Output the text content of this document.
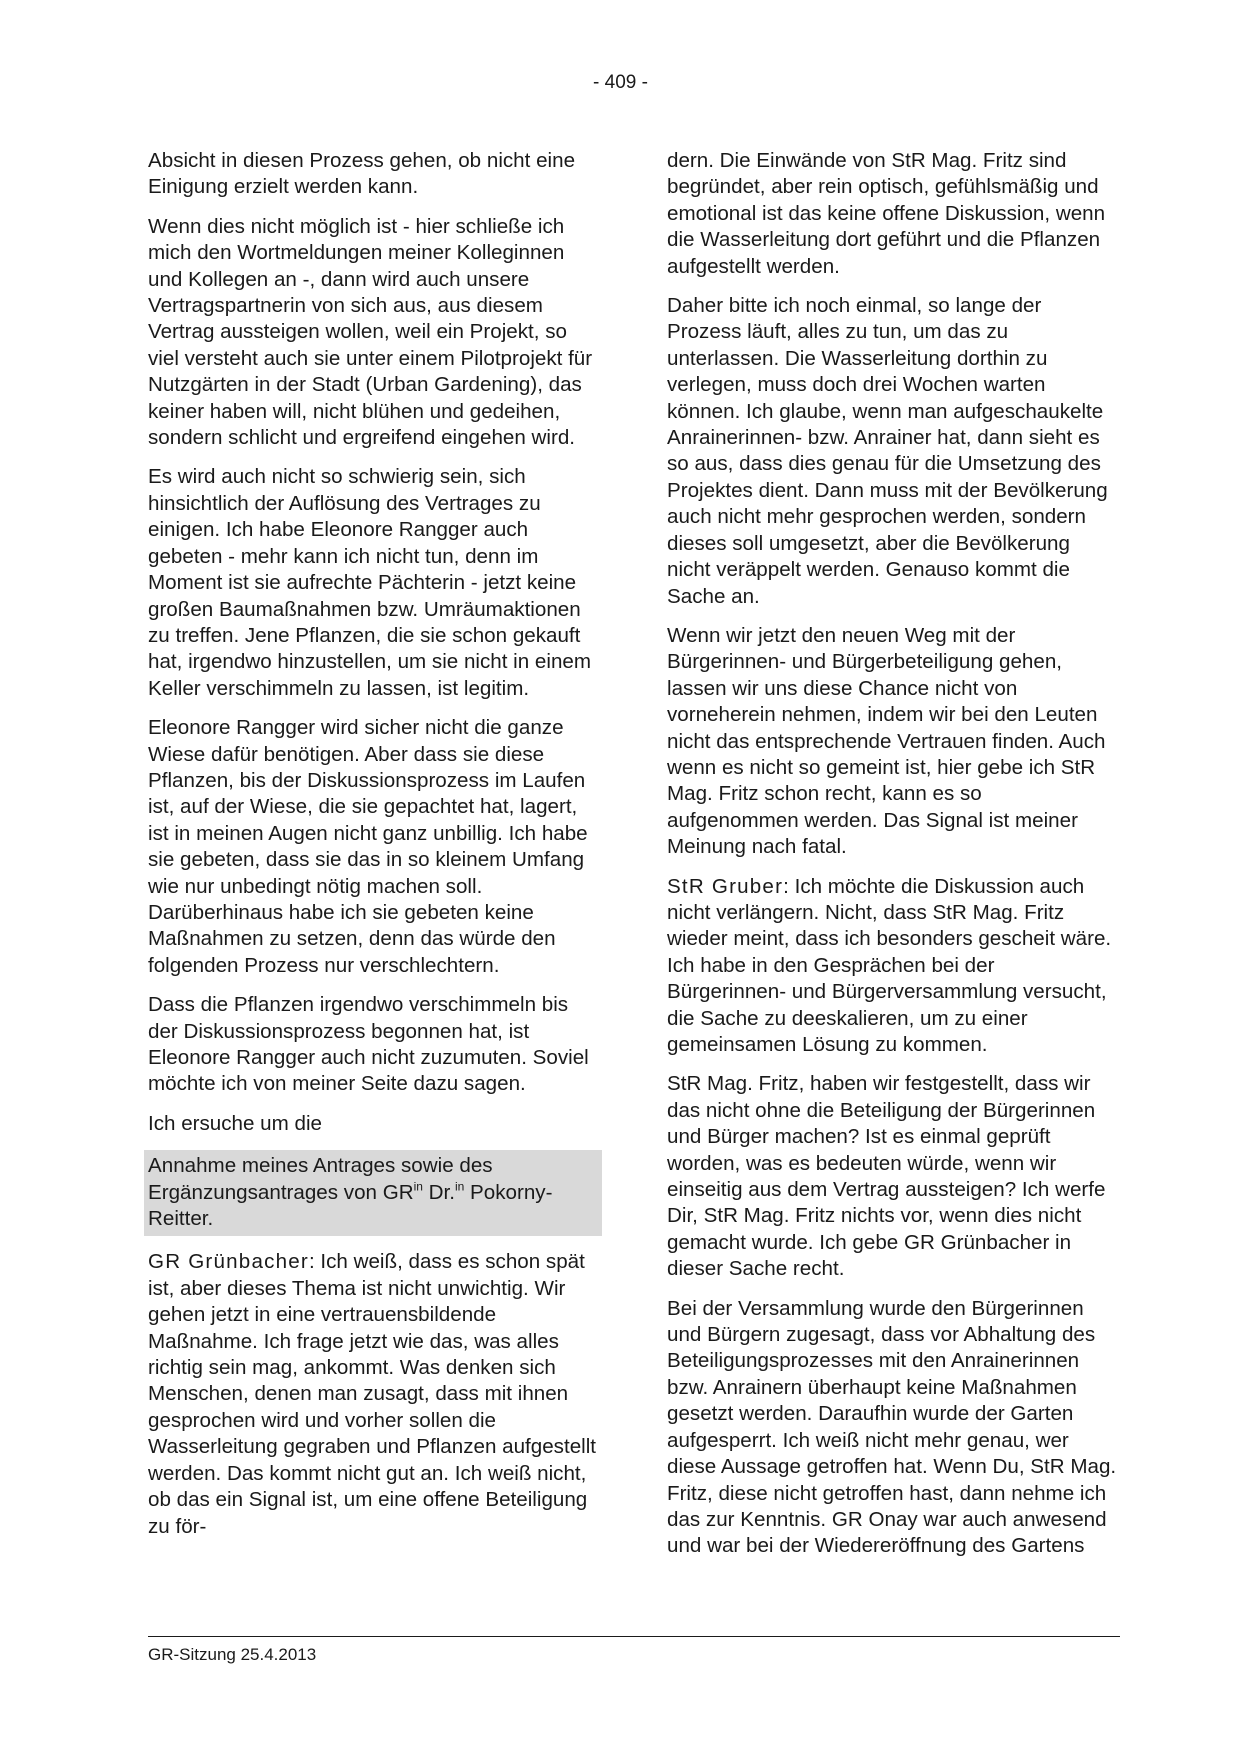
- 409 -

Absicht in diesen Prozess gehen, ob nicht eine Einigung erzielt werden kann.

Wenn dies nicht möglich ist - hier schließe ich mich den Wortmeldungen meiner Kolleginnen und Kollegen an -, dann wird auch unsere Vertragspartnerin von sich aus, aus diesem Vertrag aussteigen wollen, weil ein Projekt, so viel versteht auch sie unter einem Pilotprojekt für Nutzgärten in der Stadt (Urban Gardening), das keiner haben will, nicht blühen und gedeihen, sondern schlicht und ergreifend eingehen wird.

Es wird auch nicht so schwierig sein, sich hinsichtlich der Auflösung des Vertrages zu einigen. Ich habe Eleonore Rangger auch gebeten - mehr kann ich nicht tun, denn im Moment ist sie aufrechte Pächterin - jetzt keine großen Baumaßnahmen bzw. Umräumaktionen zu treffen. Jene Pflanzen, die sie schon gekauft hat, irgendwo hinzustellen, um sie nicht in einem Keller verschimmeln zu lassen, ist legitim.

Eleonore Rangger wird sicher nicht die ganze Wiese dafür benötigen. Aber dass sie diese Pflanzen, bis der Diskussionsprozess im Laufen ist, auf der Wiese, die sie gepachtet hat, lagert, ist in meinen Augen nicht ganz unbillig. Ich habe sie gebeten, dass sie das in so kleinem Umfang wie nur unbedingt nötig machen soll. Darüberhinaus habe ich sie gebeten keine Maßnahmen zu setzen, denn das würde den folgenden Prozess nur verschlechtern.

Dass die Pflanzen irgendwo verschimmeln bis der Diskussionsprozess begonnen hat, ist Eleonore Rangger auch nicht zuzumuten. Soviel möchte ich von meiner Seite dazu sagen.

Ich ersuche um die

Annahme meines Antrages sowie des Ergänzungsantrages von $GR^{in}$ Dr.$^{in}$ Pokorny-Reitter.

GR Grünbacher: Ich weiß, dass es schon spät ist, aber dieses Thema ist nicht unwichtig. Wir gehen jetzt in eine vertrauensbildende Maßnahme. Ich frage jetzt wie das, was alles richtig sein mag, ankommt. Was denken sich Menschen, denen man zusagt, dass mit ihnen gesprochen wird und vorher sollen die Wasserleitung gegraben und Pflanzen aufgestellt werden. Das kommt nicht gut an. Ich weiß nicht, ob das ein Signal ist, um eine offene Beteiligung zu för-

dern. Die Einwände von StR Mag. Fritz sind begründet, aber rein optisch, gefühlsmäßig und emotional ist das keine offene Diskussion, wenn die Wasserleitung dort geführt und die Pflanzen aufgestellt werden.

Daher bitte ich noch einmal, so lange der Prozess läuft, alles zu tun, um das zu unterlassen. Die Wasserleitung dorthin zu verlegen, muss doch drei Wochen warten können. Ich glaube, wenn man aufgeschaukelte Anrainerinnen- bzw. Anrainer hat, dann sieht es so aus, dass dies genau für die Umsetzung des Projektes dient. Dann muss mit der Bevölkerung auch nicht mehr gesprochen werden, sondern dieses soll umgesetzt, aber die Bevölkerung nicht veräppelt werden. Genauso kommt die Sache an.

Wenn wir jetzt den neuen Weg mit der Bürgerinnen- und Bürgerbeteiligung gehen, lassen wir uns diese Chance nicht von vorneherein nehmen, indem wir bei den Leuten nicht das entsprechende Vertrauen finden. Auch wenn es nicht so gemeint ist, hier gebe ich StR Mag. Fritz schon recht, kann es so aufgenommen werden. Das Signal ist meiner Meinung nach fatal.

StR Gruber: Ich möchte die Diskussion auch nicht verlängern. Nicht, dass StR Mag. Fritz wieder meint, dass ich besonders gescheit wäre. Ich habe in den Gesprächen bei der Bürgerinnen- und Bürgerversammlung versucht, die Sache zu deeskalieren, um zu einer gemeinsamen Lösung zu kommen.

StR Mag. Fritz, haben wir festgestellt, dass wir das nicht ohne die Beteiligung der Bürgerinnen und Bürger machen? Ist es einmal geprüft worden, was es bedeuten würde, wenn wir einseitig aus dem Vertrag aussteigen? Ich werfe Dir, StR Mag. Fritz nichts vor, wenn dies nicht gemacht wurde. Ich gebe GR Grünbacher in dieser Sache recht.

Bei der Versammlung wurde den Bürgerinnen und Bürgern zugesagt, dass vor Abhaltung des Beteiligungsprozesses mit den Anrainerinnen bzw. Anrainern überhaupt keine Maßnahmen gesetzt werden. Daraufhin wurde der Garten aufgesperrt. Ich weiß nicht mehr genau, wer diese Aussage getroffen hat. Wenn Du, StR Mag. Fritz, diese nicht getroffen hast, dann nehme ich das zur Kenntnis. GR Onay war auch anwesend und war bei der Wiedereröffnung des Gartens

GR-Sitzung 25.4.2013
